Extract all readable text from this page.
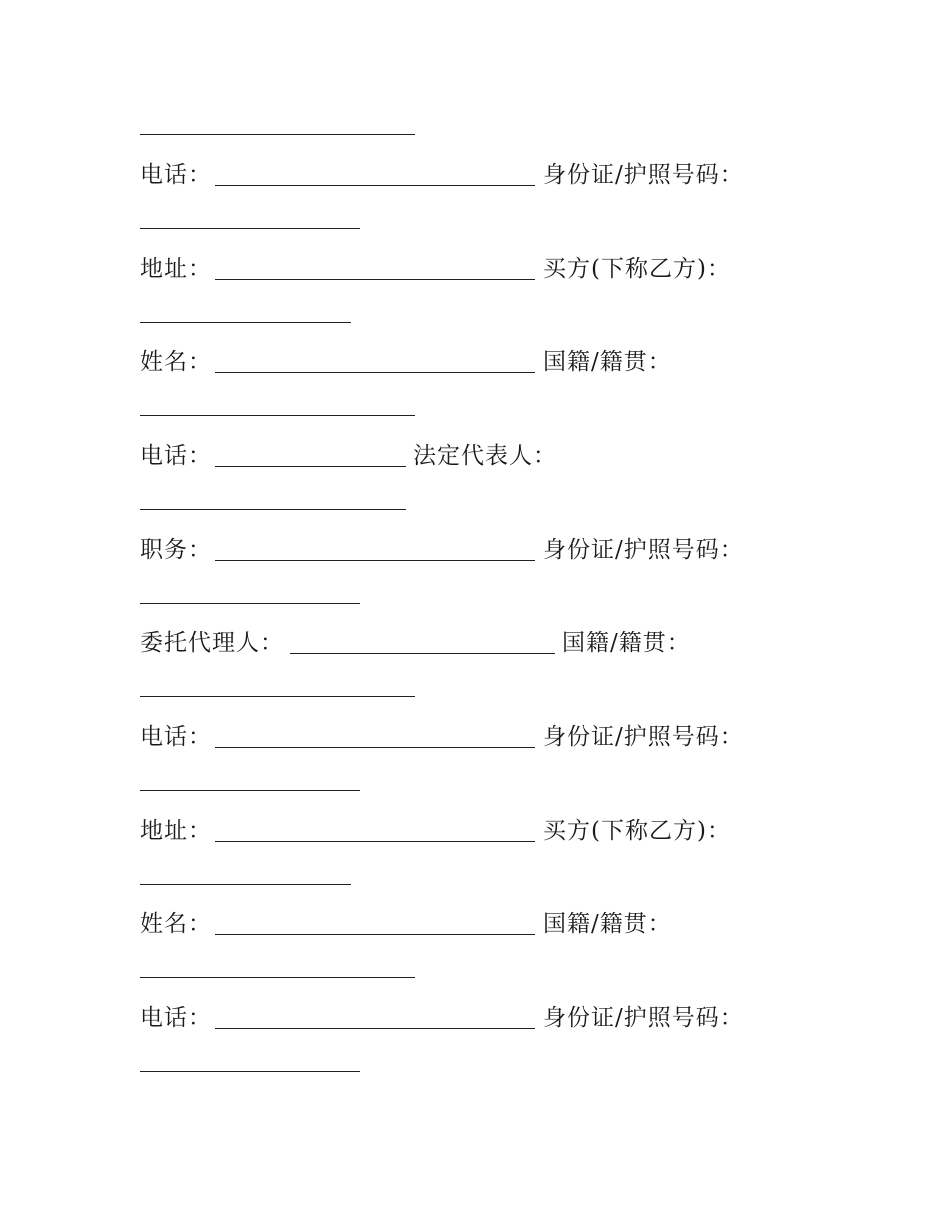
电话：	身份证/护照号码：
地址：	买方(下称乙方)：
姓名：	国籍/籍贯：
电话：	法定代表人：
职务：	身份证/护照号码：
委托代理人：	国籍/籍贯：
电话：	身份证/护照号码：
地址：	买方(下称乙方)：
姓名：	国籍/籍贯：
电话：	身份证/护照号码：
